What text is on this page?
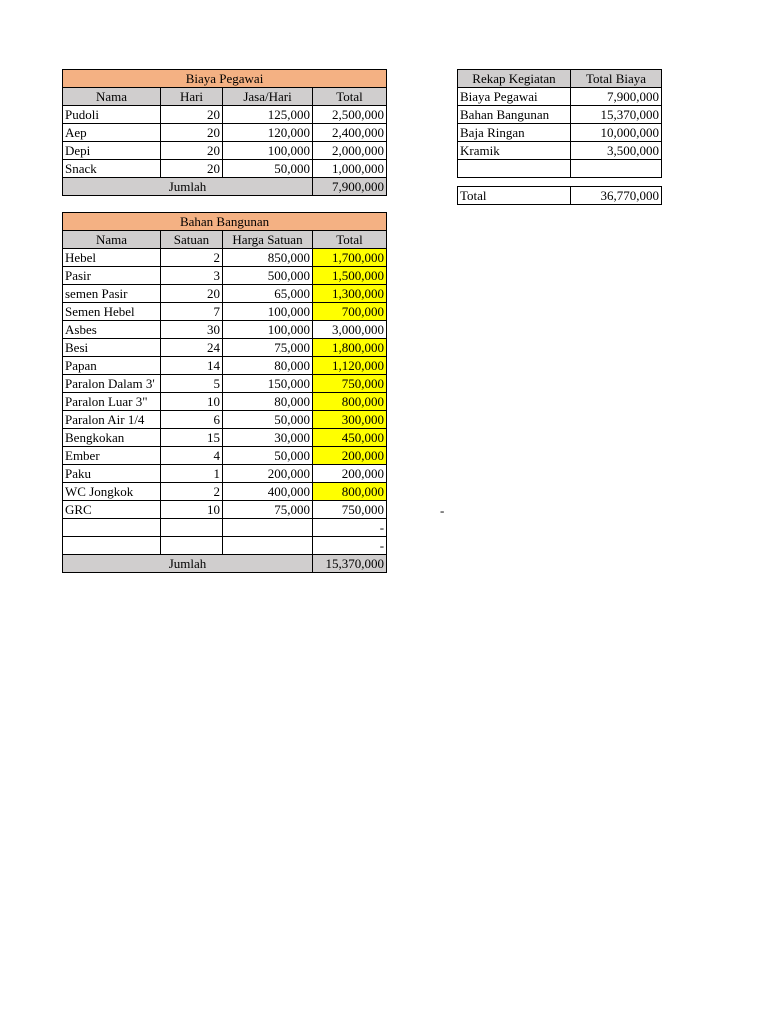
Biaya Pegawai			
Nama	Hari	Jasa/Hari	Total
Pudoli	20	125,000	2,500,000
Aep	20	120,000	2,400,000
Depi	20	100,000	2,000,000
Snack	20	50,000	1,000,000
Jumlah			7,900,000
Bahan Bangunan			
Nama	Satuan	Harga Satuan	Total
Hebel	2	850,000	1,700,000
Pasir	3	500,000	1,500,000
semen Pasir	20	65,000	1,300,000
Semen Hebel	7	100,000	700,000
Asbes	30	100,000	3,000,000
Besi	24	75,000	1,800,000
Papan	14	80,000	1,120,000
Paralon Dalam 3'	5	150,000	750,000
Paralon Luar 3"	10	80,000	800,000
Paralon Air 1/4	6	50,000	300,000
Bengkokan	15	30,000	450,000
Ember	4	50,000	200,000
Paku	1	200,000	200,000
WC Jongkok	2	400,000	800,000
GRC	10	75,000	750,000
			-
			-
Jumlah			15,370,000
Rekap Kegiatan	Total Biaya
Biaya Pegawai	7,900,000
Bahan Bangunan	15,370,000
Baja Ringan	10,000,000
Kramik	3,500,000

Total	36,770,000
-
